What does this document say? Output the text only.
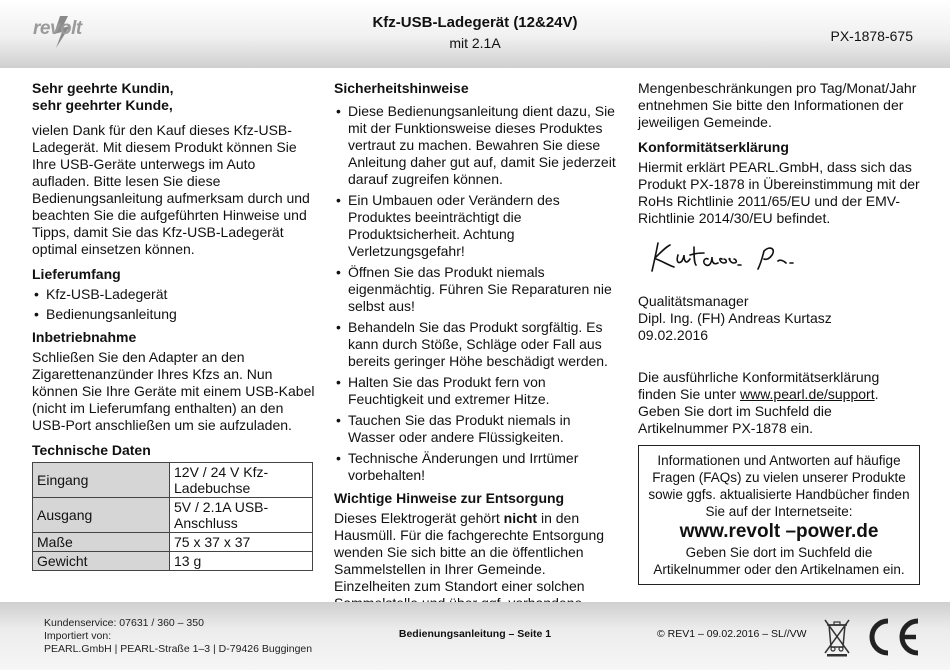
revolt	Kfz-USB-Ladegerät (12&24V)
mit 2.1A	PX-1878-675
Sehr geehrte Kundin,
sehr geehrter Kunde,

vielen Dank für den Kauf dieses Kfz-USB-Ladegerät. Mit diesem Produkt können Sie Ihre USB-Geräte unterwegs im Auto aufladen. Bitte lesen Sie diese Bedienungsanleitung aufmerksam durch und beachten Sie die aufgeführten Hinweise und Tipps, damit Sie das Kfz-USB-Ladegerät optimal einsetzen können.

Lieferumfang
• Kfz-USB-Ladegerät
• Bedienungsanleitung
Inbetriebnahme

Schließen Sie den Adapter an den Zigarettenanzünder Ihres Kfzs an. Nun können Sie Ihre Geräte mit einem USB-Kabel (nicht im Lieferumfang enthalten) an den USB-Port anschließen um sie aufzuladen.

Technische Daten
Eingang	12V / 24 V Kfz-Ladebuchse
Ausgang	5V / 2.1A USB-Anschluss
Maße	75 x 37 x 37
Gewicht	13 g
Sicherheitshinweise
• Diese Bedienungsanleitung dient dazu, Sie mit der Funktionsweise dieses Produktes vertraut zu machen. Bewahren Sie diese Anleitung daher gut auf, damit Sie jederzeit darauf zugreifen können.
• Ein Umbauen oder Verändern des Produktes beeinträchtigt die Produktsicherheit. Achtung Verletzungsgefahr!
• Öffnen Sie das Produkt niemals eigenmächtig. Führen Sie Reparaturen nie selbst aus!
• Behandeln Sie das Produkt sorgfältig. Es kann durch Stöße, Schläge oder Fall aus bereits geringer Höhe beschädigt werden.
• Halten Sie das Produkt fern von Feuchtigkeit und extremer Hitze.
• Tauchen Sie das Produkt niemals in Wasser oder andere Flüssigkeiten.
• Technische Änderungen und Irrtümer vorbehalten!
Wichtige Hinweise zur Entsorgung

Dieses Elektrogerät gehört nicht in den Hausmüll. Für die fachgerechte Entsorgung wenden Sie sich bitte an die öffentlichen Sammelstellen in Ihrer Gemeinde. Einzelheiten zum Standort einer solchen

Mengenbeschränkungen pro Tag/Monat/Jahr entnehmen Sie bitte den Informationen der jeweiligen Gemeinde.

Konformitätserklärung

Hiermit erklärt PEARL.GmbH, dass sich das Produkt PX-1878 in Übereinstimmung mit der RoHs Richtlinie 2011/65/EU und der EMV-Richtlinie 2014/30/EU befindet.

Qualitätsmanager
Dipl. Ing. (FH) Andreas Kurtasz
09.02.2016

Die ausführliche Konformitätserklärung finden Sie unter www.pearl.de/support. Geben Sie dort im Suchfeld die Artikelnummer PX-1878 ein.

Informationen und Antworten auf häufige Fragen (FAQs) zu vielen unserer Produkte sowie ggfs. aktualisierte Handbücher finden Sie auf der Internetseite:
www.revolt –power.de
Geben Sie dort im Suchfeld die Artikelnummer oder den Artikelnamen ein.
Kundenservice: 07631 / 360 – 350
Importiert von:
PEARL.GmbH | PEARL-Straße 1–3 | D-79426 Buggingen
Bedienungsanleitung – Seite 1	© REV1 – 09.02.2016 – SL//VW
